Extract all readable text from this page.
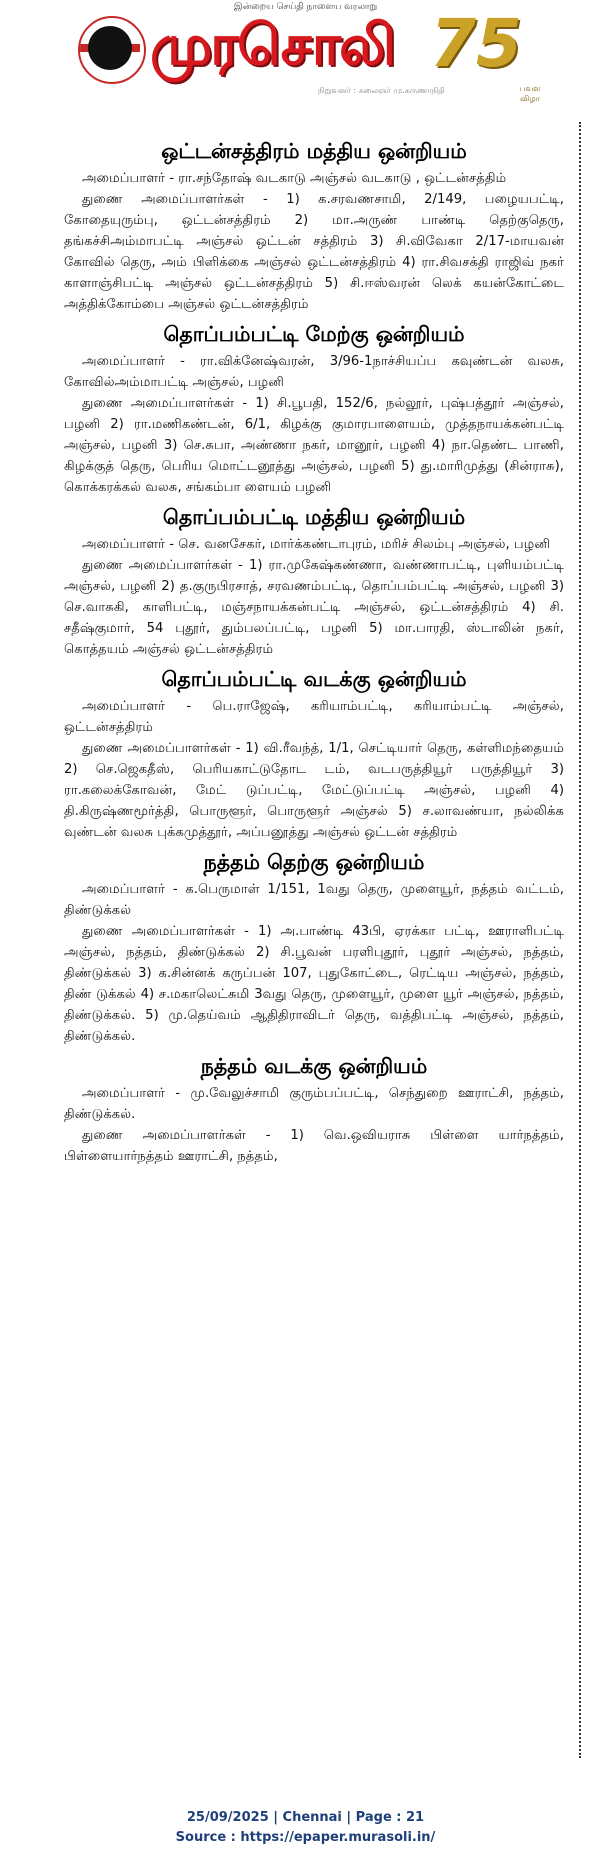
இன்றைய செய்தி நாளைய வரலாறு
முரசொலி
நிறுவனர் : கலைஞர் மு.கருணாநிதி
75
பவள விழா
ஒட்டன்சத்திரம் மத்திய ஒன்றியம்

அமைப்பாளர் - ரா.சந்தோஷ் வடகாடு அஞ்சல் வடகாடு , ஒட்டன்சத்திம்

துணை அமைப்பாளர்கள் - 1) க.சரவணசாமி, 2/149, பழையபட்டி, கோதையுரும்பு, ஒட்டன்சத்திரம் 2) மா.அருண் பாண்டி தெற்குதெரு, தங்கச்சிஅம்மாபட்டி அஞ்சல் ஒட்டன் சத்திரம் 3) சி.விவேகா 2/17-மாயவன் கோவில் தெரு, அம் பிளிக்கை அஞ்சல் ஒட்டன்சத்திரம் 4) ரா.சிவசக்தி ராஜிவ் நகர் காளாஞ்சிபட்டி அஞ்சல் ஒட்டன்சத்திரம் 5) சி.ஈஸ்வரன் லெக் கயன்கோட்டை அத்திக்கோம்பை அஞ்சல் ஒட்டன்சத்திரம்

தொப்பம்பட்டி மேற்கு ஒன்றியம்

அமைப்பாளர் - ரா.விக்னேஷ்வரன், 3/96-1நாச்சியப்ப கவுண்டன் வலசு, கோவில்அம்மாபட்டி அஞ்சல், பழனி

துணை அமைப்பாளர்கள் - 1) சி.பூபதி, 152/6, நல்லூர், புஷ்பத்தூர் அஞ்சல், பழனி 2) ரா.மணிகண்டன், 6/1, கிழக்கு குமாரபாளையம், முத்தநாயக்கன்பட்டி அஞ்சல், பழனி 3) செ.சுபா, அண்ணா நகர், மானூர், பழனி 4) நா.தெண்ட பாணி, கிழக்குத் தெரு, பெரிய மொட்டனூத்து அஞ்சல், பழனி 5) து.மாரிமுத்து (சின்ராசு), கொக்கரக்கல் வலசு, சங்கம்பா ளையம் பழனி

தொப்பம்பட்டி மத்திய ஒன்றியம்

அமைப்பாளர் - செ. வனசேகர், மார்க்கண்டாபுரம், மரிச் சிலம்பு அஞ்சல், பழனி

துணை அமைப்பாளர்கள் - 1) ரா.முகேஷ்கண்ணா, வண்ணாபட்டி, புளியம்பட்டி அஞ்சல், பழனி 2) த.குருபிரசாத், சரவணம்பட்டி, தொப்பம்பட்டி அஞ்சல், பழனி 3) செ.வாசுகி, காளிபட்டி, மஞ்சநாயக்கன்பட்டி அஞ்சல், ஒட்டன்சத்திரம் 4) சி. சதீஷ்குமார், 54 புதூர், தும்பலப்பட்டி, பழனி 5) மா.பாரதி, ஸ்டாலின் நகர், கொத்தயம் அஞ்சல் ஒட்டன்சத்திரம்

தொப்பம்பட்டி வடக்கு ஒன்றியம்

அமைப்பாளர் - பெ.ராஜேஷ், கரியாம்பட்டி, கரியாம்பட்டி அஞ்சல், ஒட்டன்சத்திரம்

துணை அமைப்பாளர்கள் - 1) வி.ரீவந்த், 1/1, செட்டியார் தெரு, கள்ளிமந்தையம் 2) செ.ஜெகதீஸ், பெரியகாட்டுதோட டம், வடபருத்தியூர் பருத்தியூர் 3) ரா.கலைக்கோவன், மேட் டுப்பட்டி, மேட்டுப்பட்டி அஞ்சல், பழனி 4) தி.கிருஷ்ணமூர்த்தி, பொருளூர், பொருளூர் அஞ்சல் 5) ச.லாவண்யா, நல்லிக்க வுண்டன் வலசு புக்கமுத்தூர், அப்பனூத்து அஞ்சல் ஒட்டன் சத்திரம்

நத்தம் தெற்கு ஒன்றியம்

அமைப்பாளர் - க.பெருமாள் 1/151, 1வது தெரு, முளையூர், நத்தம் வட்டம், திண்டுக்கல்

துணை அமைப்பாளர்கள் - 1) அ.பாண்டி 43பி, ஏரக்கா பட்டி, ஊராளிபட்டி அஞ்சல், நத்தம், திண்டுக்கல் 2) சி.பூவன் பரளிபுதூர், புதூர் அஞ்சல், நத்தம், திண்டுக்கல் 3) க.சின்னக் கருப்பன் 107, புதுகோட்டை, ரெட்டிய அஞ்சல், நத்தம், திண் டுக்கல் 4) ச.மகாலெட்சுமி 3வது தெரு, முளையூர், முளை யூர் அஞ்சல், நத்தம், திண்டுக்கல். 5) மு.தெய்வம் ஆதிதிராவிடர் தெரு, வத்திபட்டி அஞ்சல், நத்தம், திண்டுக்கல்.

நத்தம் வடக்கு ஒன்றியம்

அமைப்பாளர் - மு.வேலுச்சாமி குரும்பப்பட்டி, செந்துறை ஊராட்சி, நத்தம், திண்டுக்கல்.

துணை அமைப்பாளர்கள் - 1) வெ.ஒவியராசு பிள்ளை யார்நத்தம், பிள்ளையார்நத்தம் ஊராட்சி, நத்தம்,

25/09/2025 | Chennai | Page : 21
Source : https://epaper.murasoli.in/
